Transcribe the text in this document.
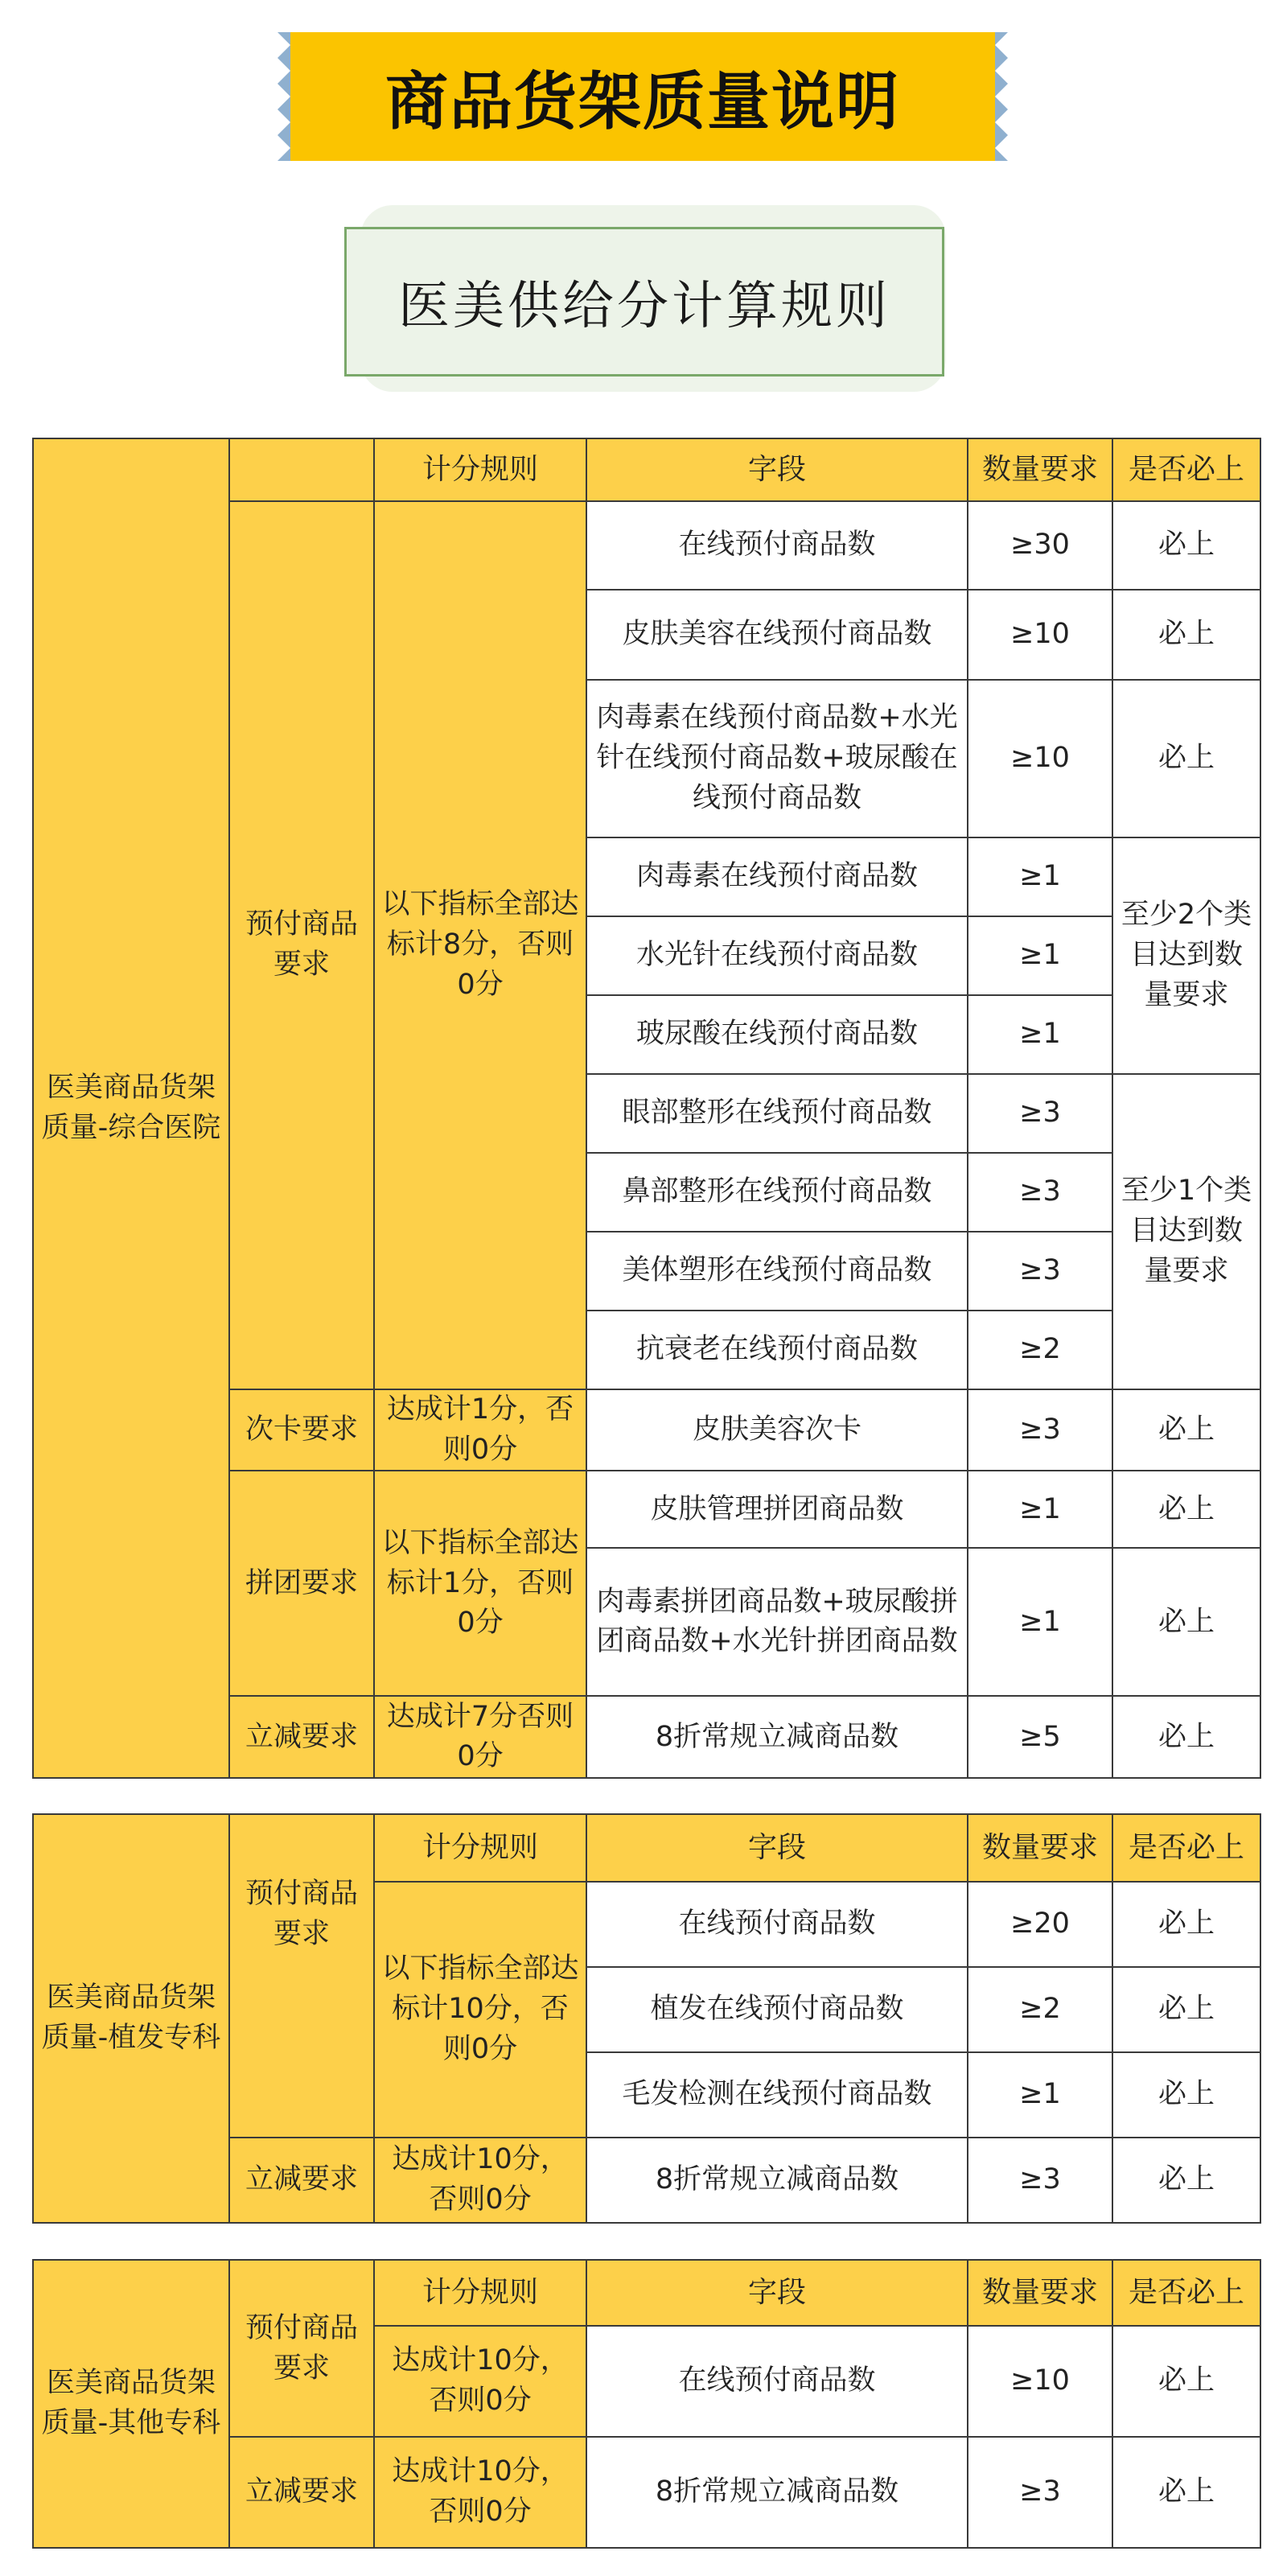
商品货架质量说明
医美供给分计算规则
医美商品货架质量-综合医院		计分规则	字段	数量要求	是否必上
	预付商品要求	以下指标全部达标计8分，否则0分	在线预付商品数	≥30	必上
			皮肤美容在线预付商品数	≥10	必上
			肉毒素在线预付商品数+水光针在线预付商品数+玻尿酸在线预付商品数	≥10	必上
			肉毒素在线预付商品数	≥1	至少2个类目达到数量要求
			水光针在线预付商品数	≥1	
			玻尿酸在线预付商品数	≥1	
			眼部整形在线预付商品数	≥3	至少1个类目达到数量要求
			鼻部整形在线预付商品数	≥3	
			美体塑形在线预付商品数	≥3	
			抗衰老在线预付商品数	≥2	
	次卡要求	达成计1分，否则0分	皮肤美容次卡	≥3	必上
	拼团要求	以下指标全部达标计1分，否则0分	皮肤管理拼团商品数	≥1	必上
			肉毒素拼团商品数+玻尿酸拼团商品数+水光针拼团商品数	≥1	必上
	立减要求	达成计7分否则0分	8折常规立减商品数	≥5	必上
医美商品货架质量-植发专科	预付商品要求	计分规则	字段	数量要求	是否必上
		以下指标全部达标计10分，否则0分	在线预付商品数	≥20	必上
			植发在线预付商品数	≥2	必上
			毛发检测在线预付商品数	≥1	必上
	立减要求	达成计10分，否则0分	8折常规立减商品数	≥3	必上
医美商品货架质量-其他专科	预付商品要求	计分规则	字段	数量要求	是否必上
		达成计10分，否则0分	在线预付商品数	≥10	必上
	立减要求	达成计10分，否则0分	8折常规立减商品数	≥3	必上
